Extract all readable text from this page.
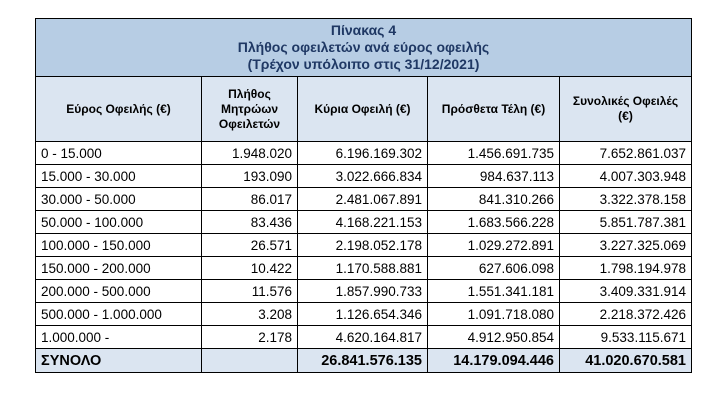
Πίνακας 4
Πλήθος οφειλετών ανά εύρος οφειλής
(Τρέχον υπόλοιπο στις 31/12/2021)				

Εύρος Οφειλής (€)	Πλήθος Μητρώων Οφειλετών	Κύρια Οφειλή (€)	Πρόσθετα Τέλη (€)	Συνολικές Οφειλές (€)
0 - 15.000	1.948.020	6.196.169.302	1.456.691.735	7.652.861.037
15.000 - 30.000	193.090	3.022.666.834	984.637.113	4.007.303.948
30.000 - 50.000	86.017	2.481.067.891	841.310.266	3.322.378.158
50.000 - 100.000	83.436	4.168.221.153	1.683.566.228	5.851.787.381
100.000 - 150.000	26.571	2.198.052.178	1.029.272.891	3.227.325.069
150.000 - 200.000	10.422	1.170.588.881	627.606.098	1.798.194.978
200.000 - 500.000	11.576	1.857.990.733	1.551.341.181	3.409.331.914
500.000 - 1.000.000	3.208	1.126.654.346	1.091.718.080	2.218.372.426
1.000.000 -	2.178	4.620.164.817	4.912.950.854	9.533.115.671
ΣΥΝΟΛΟ		26.841.576.135	14.179.094.446	41.020.670.581
